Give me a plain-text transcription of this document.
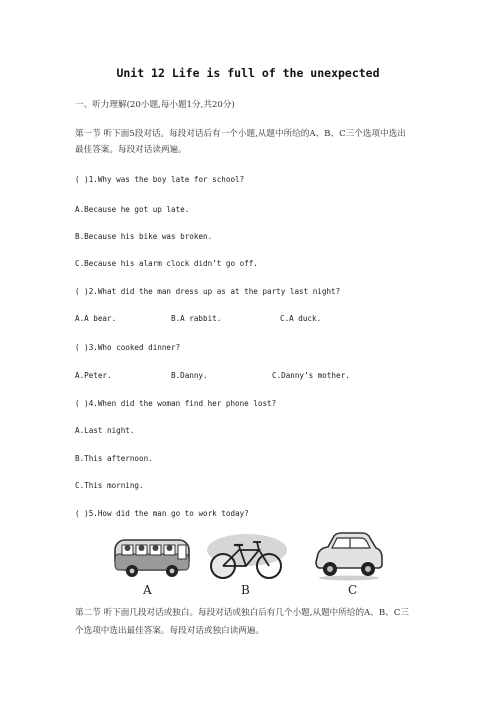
Unit 12 Life is full of the unexpected
一、听力理解(20小题,每小题1分,共20分)
第一节 听下面5段对话。每段对话后有一个小题,从题中所给的A、B、C三个选项中选出
最佳答案。每段对话读两遍。
( )1.Why was the boy late for school?
A.Because he got up late.
B.Because his bike was broken.
C.Because his alarm clock didn’t go off.
( )2.What did the man dress up as at the party last night?
A.A bear.	B.A rabbit.	C.A duck.
( )3.Who cooked dinner?
A.Peter.	B.Danny.	C.Danny’s mother.
( )4.When did the woman find her phone lost?
A.Last night.
B.This afternoon.
C.This morning.
( )5.How did the man go to work today?
A	B	C
第二节 听下面几段对话或独白。每段对话或独白后有几个小题,从题中所给的A、B、C三
个选项中选出最佳答案。每段对话或独白读两遍。
